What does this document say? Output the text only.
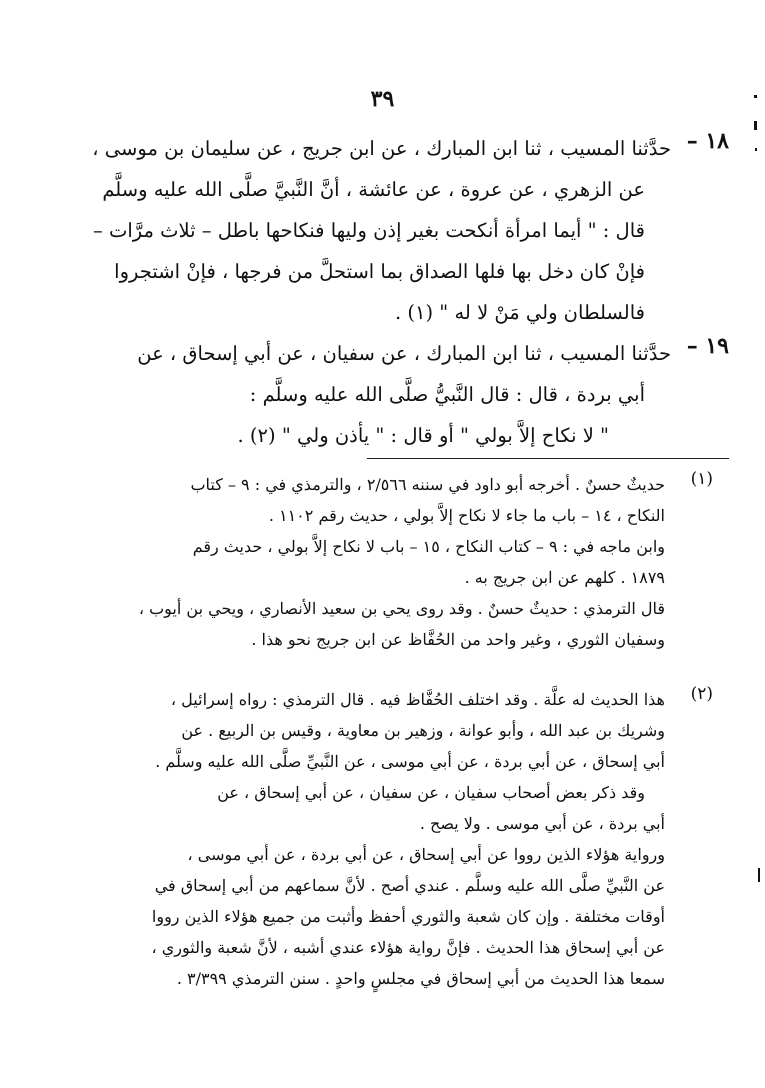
٣٩
١٨ –
حدَّثنا المسيب ، ثنا ابن المبارك ، عن ابن جريج ، عن سليمان بن موسى ،
عن الزهري ، عن عروة ، عن عائشة ، أنَّ النَّبيَّ صلَّى الله عليه وسلَّم
قال : " أيما امرأة أنكحت بغير إذن وليها فنكاحها باطل – ثلاث مرَّات –
فإنْ كان دخل بها فلها الصداق بما استحلَّ من فرجها ، فإنْ اشتجروا
فالسلطان ولي مَنْ لا له " (١) .
١٩ –
حدَّثنا المسيب ، ثنا ابن المبارك ، عن سفيان ، عن أبي إسحاق ، عن
أبي بردة ، قال : قال النَّبيُّ صلَّى الله عليه وسلَّم :
" لا نكاح إلاَّ بولي " أو قال : " يأذن ولي " (٢) .
(١)
حديثٌ حسنٌ . أخرجه أبو داود في سننه ٢/٥٦٦ ، والترمذي في : ٩ – كتاب
النكاح ، ١٤ – باب ما جاء لا نكاح إلاَّ بولي ، حديث رقم ١١٠٢ .
وابن ماجه في : ٩ – كتاب النكاح ، ١٥ – باب لا نكاح إلاَّ بولي ، حديث رقم
١٨٧٩ . كلهم عن ابن جريج به .
قال الترمذي : حديثٌ حسنٌ . وقد روى يحي بن سعيد الأنصاري ، ويحي بن أيوب ،
وسفيان الثوري ، وغير واحد من الحُفَّاظ عن ابن جريج نحو هذا .
(٢)
هذا الحديث له علَّة . وقد اختلف الحُفَّاظ فيه . قال الترمذي : رواه إسرائيل ،
وشريك بن عبد الله ، وأبو عوانة ، وزهير بن معاوية ، وقيس بن الربيع . عن
أبي إسحاق ، عن أبي بردة ، عن أبي موسى ، عن النَّبيِّ صلَّى الله عليه وسلَّم .
وقد ذكر بعض أصحاب سفيان ، عن سفيان ، عن أبي إسحاق ، عن
أبي بردة ، عن أبي موسى . ولا يصح .
ورواية هؤلاء الذين رووا عن أبي إسحاق ، عن أبي بردة ، عن أبي موسى ،
عن النَّبيِّ صلَّى الله عليه وسلَّم . عندي أصح . لأنَّ سماعهم من أبي إسحاق في
أوقات مختلفة . وإن كان شعبة والثوري أحفظ وأثبت من جميع هؤلاء الذين رووا
عن أبي إسحاق هذا الحديث . فإنَّ رواية هؤلاء عندي أشبه ، لأنَّ شعبة والثوري ،
سمعا هذا الحديث من أبي إسحاق في مجلسٍ واحدٍ . سنن الترمذي ٣/٣٩٩ .
